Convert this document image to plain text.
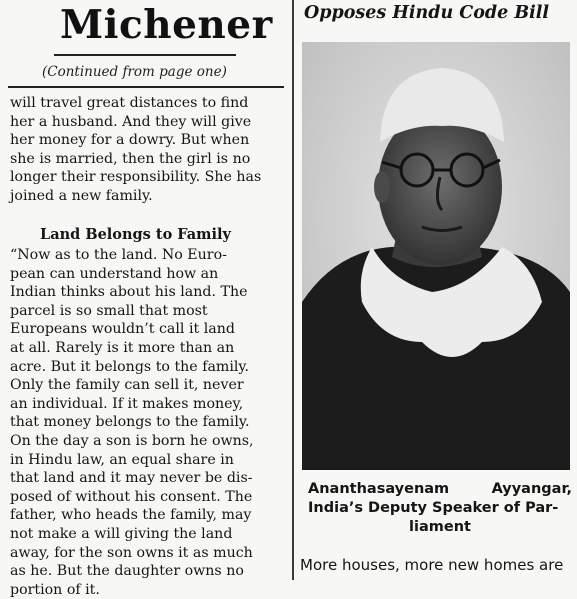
Michener
(Continued from page one)
will travel great distances to find
her a husband. And they will give
her money for a dowry. But when
she is married, then the girl is no
longer their responsibility. She has
joined a new family.
Land Belongs to Family
“Now as to the land. No Euro-
pean can understand how an
Indian thinks about his land. The
parcel is so small that most
Europeans wouldn’t call it land
at all. Rarely is it more than an
acre. But it belongs to the family.
Only the family can sell it, never
an individual. If it makes money,
that money belongs to the family.
On the day a son is born he owns,
in Hindu law, an equal share in
that land and it may never be dis-
posed of without his consent. The
father, who heads the family, may
not make a will giving the land
away, for the son owns it as much
as he. But the daughter owns no
portion of it.
Opposes Hindu Code Bill
Ananthasayenam	Ayyangar,
India’s Deputy Speaker of Par-
liament
More houses, more new homes are
